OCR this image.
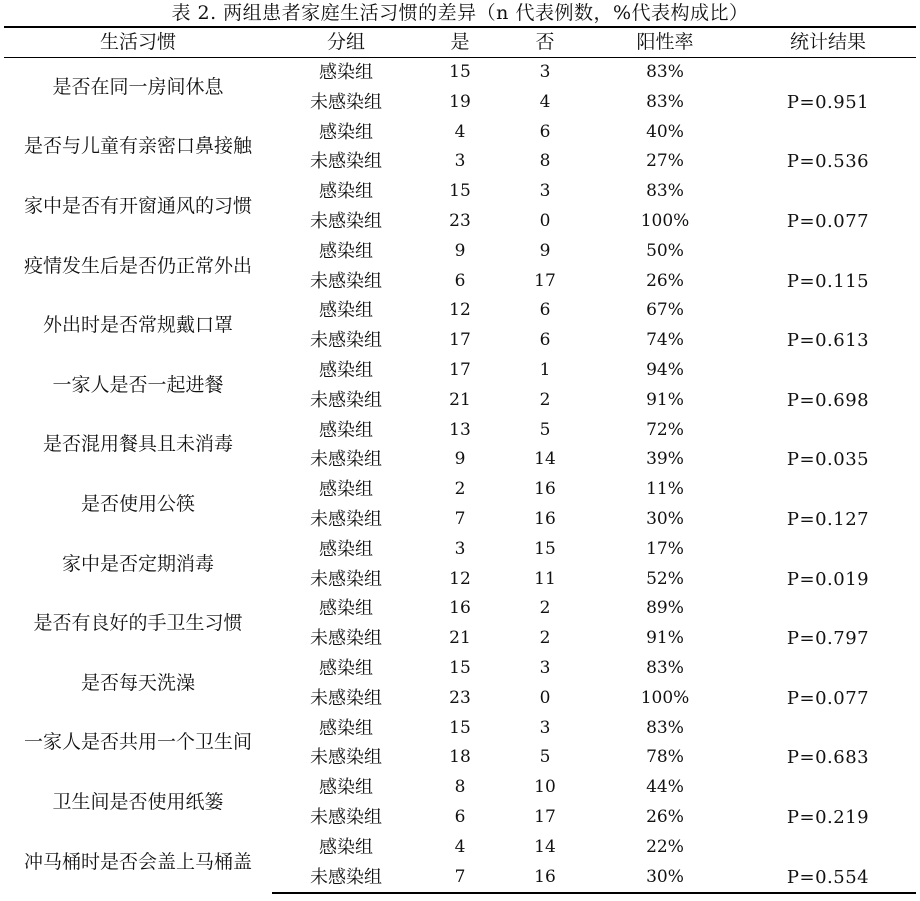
表 2. 两组患者家庭生活习惯的差异（n 代表例数，%代表构成比）
生活习惯	分组	是	否	阳性率	统计结果
是否在同一房间休息	感染组	15	3	83%	
	未感染组	19	4	83%	P=0.951
是否与儿童有亲密口鼻接触	感染组	4	6	40%	
	未感染组	3	8	27%	P=0.536
家中是否有开窗通风的习惯	感染组	15	3	83%	
	未感染组	23	0	100%	P=0.077
疫情发生后是否仍正常外出	感染组	9	9	50%	
	未感染组	6	17	26%	P=0.115
外出时是否常规戴口罩	感染组	12	6	67%	
	未感染组	17	6	74%	P=0.613
一家人是否一起进餐	感染组	17	1	94%	
	未感染组	21	2	91%	P=0.698
是否混用餐具且未消毒	感染组	13	5	72%	
	未感染组	9	14	39%	P=0.035
是否使用公筷	感染组	2	16	11%	
	未感染组	7	16	30%	P=0.127
家中是否定期消毒	感染组	3	15	17%	
	未感染组	12	11	52%	P=0.019
是否有良好的手卫生习惯	感染组	16	2	89%	
	未感染组	21	2	91%	P=0.797
是否每天洗澡	感染组	15	3	83%	
	未感染组	23	0	100%	P=0.077
一家人是否共用一个卫生间	感染组	15	3	83%	
	未感染组	18	5	78%	P=0.683
卫生间是否使用纸篓	感染组	8	10	44%	
	未感染组	6	17	26%	P=0.219
冲马桶时是否会盖上马桶盖	感染组	4	14	22%	
	未感染组	7	16	30%	P=0.554
